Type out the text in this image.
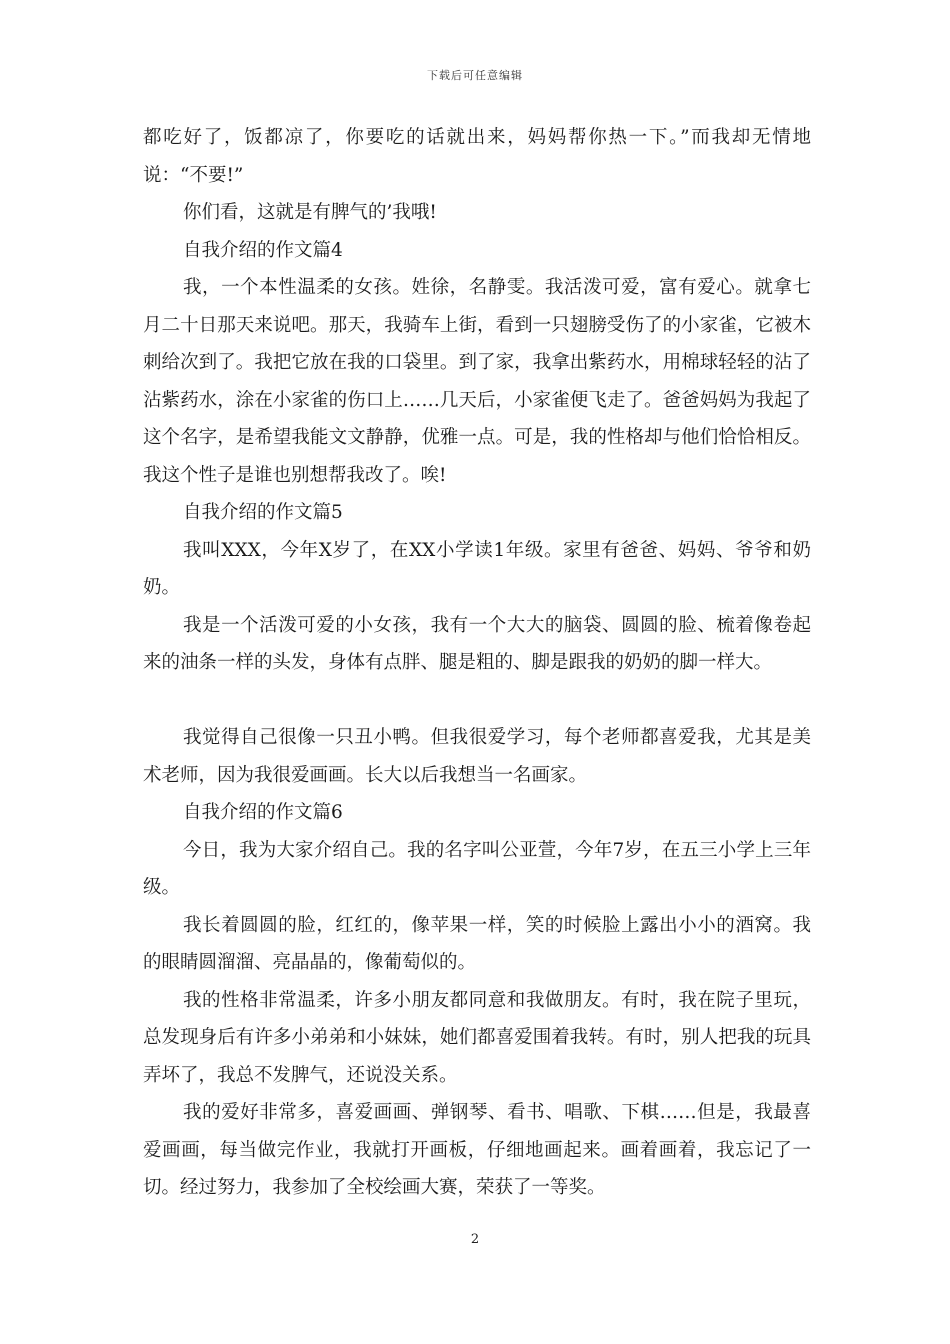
下载后可任意编辑

都吃好了，饭都凉了，你要吃的话就出来，妈妈帮你热一下。”而我却无情地说：“不要!”

你们看，这就是有脾气的’我哦!

自我介绍的作文篇4

我，一个本性温柔的女孩。姓徐，名静雯。我活泼可爱，富有爱心。就拿七月二十日那天来说吧。那天，我骑车上街，看到一只翅膀受伤了的小家雀，它被木刺给次到了。我把它放在我的口袋里。到了家，我拿出紫药水，用棉球轻轻的沾了沾紫药水，涂在小家雀的伤口上……几天后，小家雀便飞走了。爸爸妈妈为我起了这个名字，是希望我能文文静静，优雅一点。可是，我的性格却与他们恰恰相反。我这个性子是谁也别想帮我改了。唉!

自我介绍的作文篇5

我叫XXX，今年X岁了，在XX小学读1年级。家里有爸爸、妈妈、爷爷和奶奶。

我是一个活泼可爱的小女孩，我有一个大大的脑袋、圆圆的脸、梳着像卷起来的油条一样的头发，身体有点胖、腿是粗的、脚是跟我的奶奶的脚一样大。

我觉得自己很像一只丑小鸭。但我很爱学习，每个老师都喜爱我，尤其是美术老师，因为我很爱画画。长大以后我想当一名画家。

自我介绍的作文篇6

今日，我为大家介绍自己。我的名字叫公亚萱，今年7岁，在五三小学上三年级。

我长着圆圆的脸，红红的，像苹果一样，笑的时候脸上露出小小的酒窝。我的眼睛圆溜溜、亮晶晶的，像葡萄似的。

我的性格非常温柔，许多小朋友都同意和我做朋友。有时，我在院子里玩，总发现身后有许多小弟弟和小妹妹，她们都喜爱围着我转。有时，别人把我的玩具弄坏了，我总不发脾气，还说没关系。

我的爱好非常多，喜爱画画、弹钢琴、看书、唱歌、下棋……但是，我最喜爱画画，每当做完作业，我就打开画板，仔细地画起来。画着画着，我忘记了一切。经过努力，我参加了全校绘画大赛，荣获了一等奖。

2
